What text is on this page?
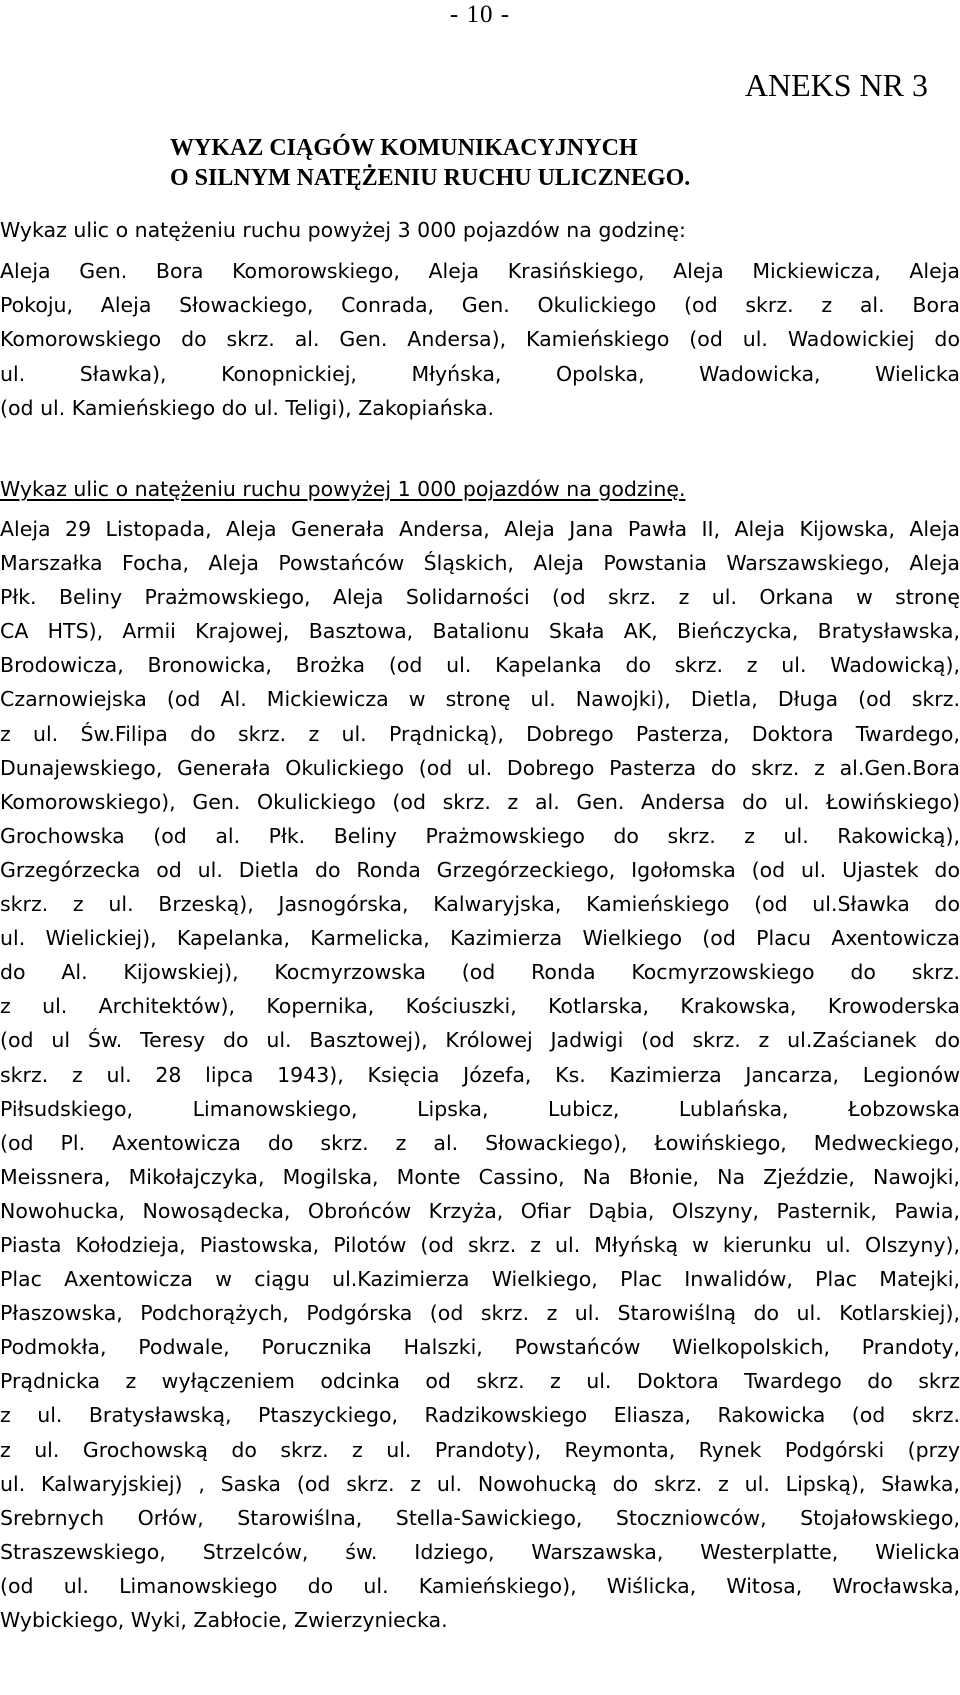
- 10 -
ANEKS NR 3
WYKAZ CIĄGÓW KOMUNIKACYJNYCH
O SILNYM NATĘŻENIU RUCHU ULICZNEGO.
Wykaz ulic o natężeniu ruchu powyżej 3 000 pojazdów na godzinę:
Aleja Gen. Bora Komorowskiego, Aleja Krasińskiego, Aleja Mickiewicza, Aleja
Pokoju, Aleja Słowackiego, Conrada, Gen. Okulickiego (od skrz. z al. Bora
Komorowskiego do skrz. al. Gen. Andersa), Kamieńskiego (od ul. Wadowickiej do
ul. Sławka), Konopnickiej, Młyńska, Opolska, Wadowicka, Wielicka
(od ul. Kamieńskiego do ul. Teligi), Zakopiańska.
Wykaz ulic o natężeniu ruchu powyżej 1 000 pojazdów na godzinę.
Aleja 29 Listopada, Aleja Generała Andersa, Aleja Jana Pawła II, Aleja Kijowska, Aleja
Marszałka Focha, Aleja Powstańców Śląskich, Aleja Powstania Warszawskiego, Aleja
Płk. Beliny Prażmowskiego, Aleja Solidarności (od skrz. z ul. Orkana w stronę
CA HTS), Armii Krajowej, Basztowa, Batalionu Skała AK, Bieńczycka, Bratysławska,
Brodowicza, Bronowicka, Brożka (od ul. Kapelanka do skrz. z ul. Wadowicką),
Czarnowiejska (od Al. Mickiewicza w stronę ul. Nawojki), Dietla, Długa (od skrz.
z ul. Św.Filipa do skrz. z ul. Prądnicką), Dobrego Pasterza, Doktora Twardego,
Dunajewskiego, Generała Okulickiego (od ul. Dobrego Pasterza do skrz. z al.Gen.Bora
Komorowskiego), Gen. Okulickiego (od skrz. z al. Gen. Andersa do ul. Łowińskiego)
Grochowska (od al. Płk. Beliny Prażmowskiego do skrz. z ul. Rakowicką),
Grzegórzecka od ul. Dietla do Ronda Grzegórzeckiego, Igołomska (od ul. Ujastek do
skrz. z ul. Brzeską), Jasnogórska, Kalwaryjska, Kamieńskiego (od ul.Sławka do
ul. Wielickiej), Kapelanka, Karmelicka, Kazimierza Wielkiego (od Placu Axentowicza
do Al. Kijowskiej), Kocmyrzowska (od Ronda Kocmyrzowskiego do skrz.
z ul. Architektów), Kopernika, Kościuszki, Kotlarska, Krakowska, Krowoderska
(od ul Św. Teresy do ul. Basztowej), Królowej Jadwigi (od skrz. z ul.Zaścianek do
skrz. z ul. 28 lipca 1943), Księcia Józefa, Ks. Kazimierza Jancarza, Legionów
Piłsudskiego, Limanowskiego, Lipska, Lubicz, Lublańska, Łobzowska
(od Pl. Axentowicza do skrz. z al. Słowackiego), Łowińskiego, Medweckiego,
Meissnera, Mikołajczyka, Mogilska, Monte Cassino, Na Błonie, Na Zjeździe, Nawojki,
Nowohucka, Nowosądecka, Obrońców Krzyża, Ofiar Dąbia, Olszyny, Pasternik, Pawia,
Piasta Kołodzieja, Piastowska, Pilotów (od skrz. z ul. Młyńską w kierunku ul. Olszyny),
Plac Axentowicza w ciągu ul.Kazimierza Wielkiego, Plac Inwalidów, Plac Matejki,
Płaszowska, Podchorążych, Podgórska (od skrz. z ul. Starowiślną do ul. Kotlarskiej),
Podmokła, Podwale, Porucznika Halszki, Powstańców Wielkopolskich, Prandoty,
Prądnicka z wyłączeniem odcinka od skrz. z ul. Doktora Twardego do skrz
z ul. Bratysławską, Ptaszyckiego, Radzikowskiego Eliasza, Rakowicka (od skrz.
z ul. Grochowską do skrz. z ul. Prandoty), Reymonta, Rynek Podgórski (przy
ul. Kalwaryjskiej) , Saska (od skrz. z ul. Nowohucką do skrz. z ul. Lipską), Sławka,
Srebrnych Orłów, Starowiślna, Stella-Sawickiego, Stoczniowców, Stojałowskiego,
Straszewskiego, Strzelców, św. Idziego, Warszawska, Westerplatte, Wielicka
(od ul. Limanowskiego do ul. Kamieńskiego), Wiślicka, Witosa, Wrocławska,
Wybickiego, Wyki, Zabłocie, Zwierzyniecka.
